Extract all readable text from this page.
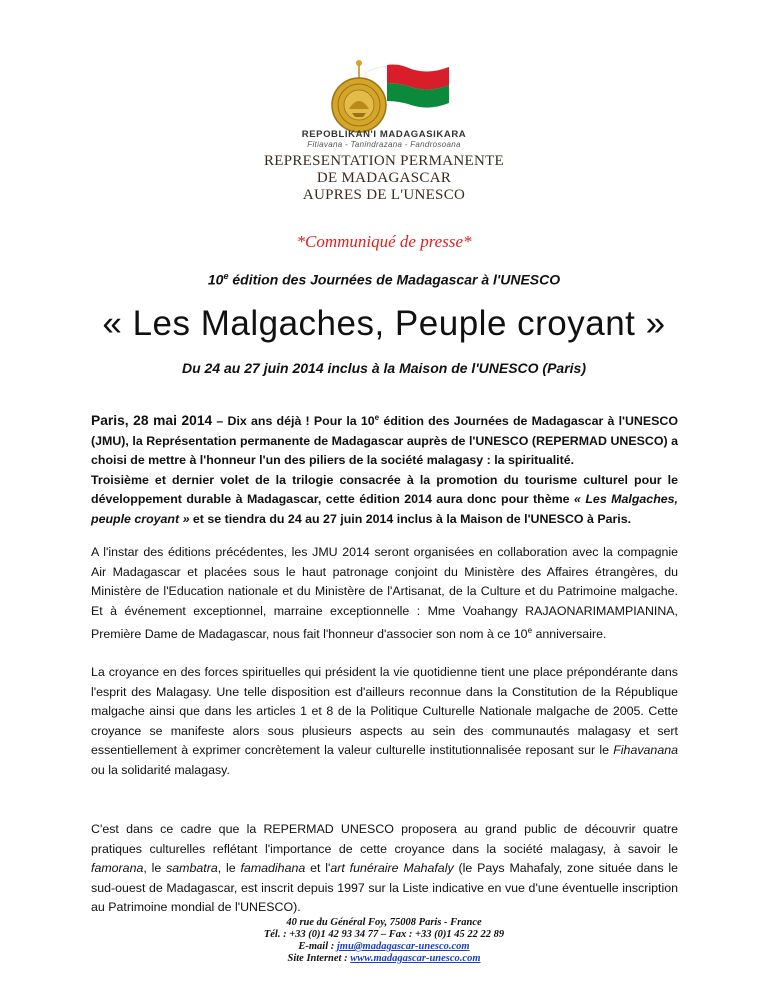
REPOBLIKAN'I MADAGASIKARA
Fitiavana - Tanindrazana - Fandrosoana
REPRESENTATION PERMANENTE
DE MADAGASCAR
AUPRES DE L'UNESCO
*Communiqué de presse*
10e édition des Journées de Madagascar à l'UNESCO
« Les Malgaches, Peuple croyant »
Du 24 au 27 juin 2014 inclus à la Maison de l'UNESCO (Paris)
Paris, 28 mai 2014 – Dix ans déjà ! Pour la 10e édition des Journées de Madagascar à l'UNESCO (JMU), la Représentation permanente de Madagascar auprès de l'UNESCO (REPERMAD UNESCO) a choisi de mettre à l'honneur l'un des piliers de la société malagasy : la spiritualité.
Troisième et dernier volet de la trilogie consacrée à la promotion du tourisme culturel pour le développement durable à Madagascar, cette édition 2014 aura donc pour thème « Les Malgaches, peuple croyant » et se tiendra du 24 au 27 juin 2014 inclus à la Maison de l'UNESCO à Paris.
A l'instar des éditions précédentes, les JMU 2014 seront organisées en collaboration avec la compagnie Air Madagascar et placées sous le haut patronage conjoint du Ministère des Affaires étrangères, du Ministère de l'Education nationale et du Ministère de l'Artisanat, de la Culture et du Patrimoine malgache. Et à événement exceptionnel, marraine exceptionnelle : Mme Voahangy RAJAONARIMAMPIANINA, Première Dame de Madagascar, nous fait l'honneur d'associer son nom à ce 10e anniversaire.
La croyance en des forces spirituelles qui président la vie quotidienne tient une place prépondérante dans l'esprit des Malagasy. Une telle disposition est d'ailleurs reconnue dans la Constitution de la République malgache ainsi que dans les articles 1 et 8 de la Politique Culturelle Nationale malgache de 2005. Cette croyance se manifeste alors sous plusieurs aspects au sein des communautés malagasy et sert essentiellement à exprimer concrètement la valeur culturelle institutionnalisée reposant sur le Fihavanana ou la solidarité malagasy.
C'est dans ce cadre que la REPERMAD UNESCO proposera au grand public de découvrir quatre pratiques culturelles reflétant l'importance de cette croyance dans la société malagasy, à savoir le famorana, le sambatra, le famadihana et l'art funéraire Mahafaly (le Pays Mahafaly, zone située dans le sud-ouest de Madagascar, est inscrit depuis 1997 sur la Liste indicative en vue d'une éventuelle inscription au Patrimoine mondial de l'UNESCO).
40 rue du Général Foy, 75008 Paris - France
Tél. : +33 (0)1 42 93 34 77 – Fax : +33 (0)1 45 22 22 89
E-mail : jmu@madagascar-unesco.com
Site Internet : www.madagascar-unesco.com
